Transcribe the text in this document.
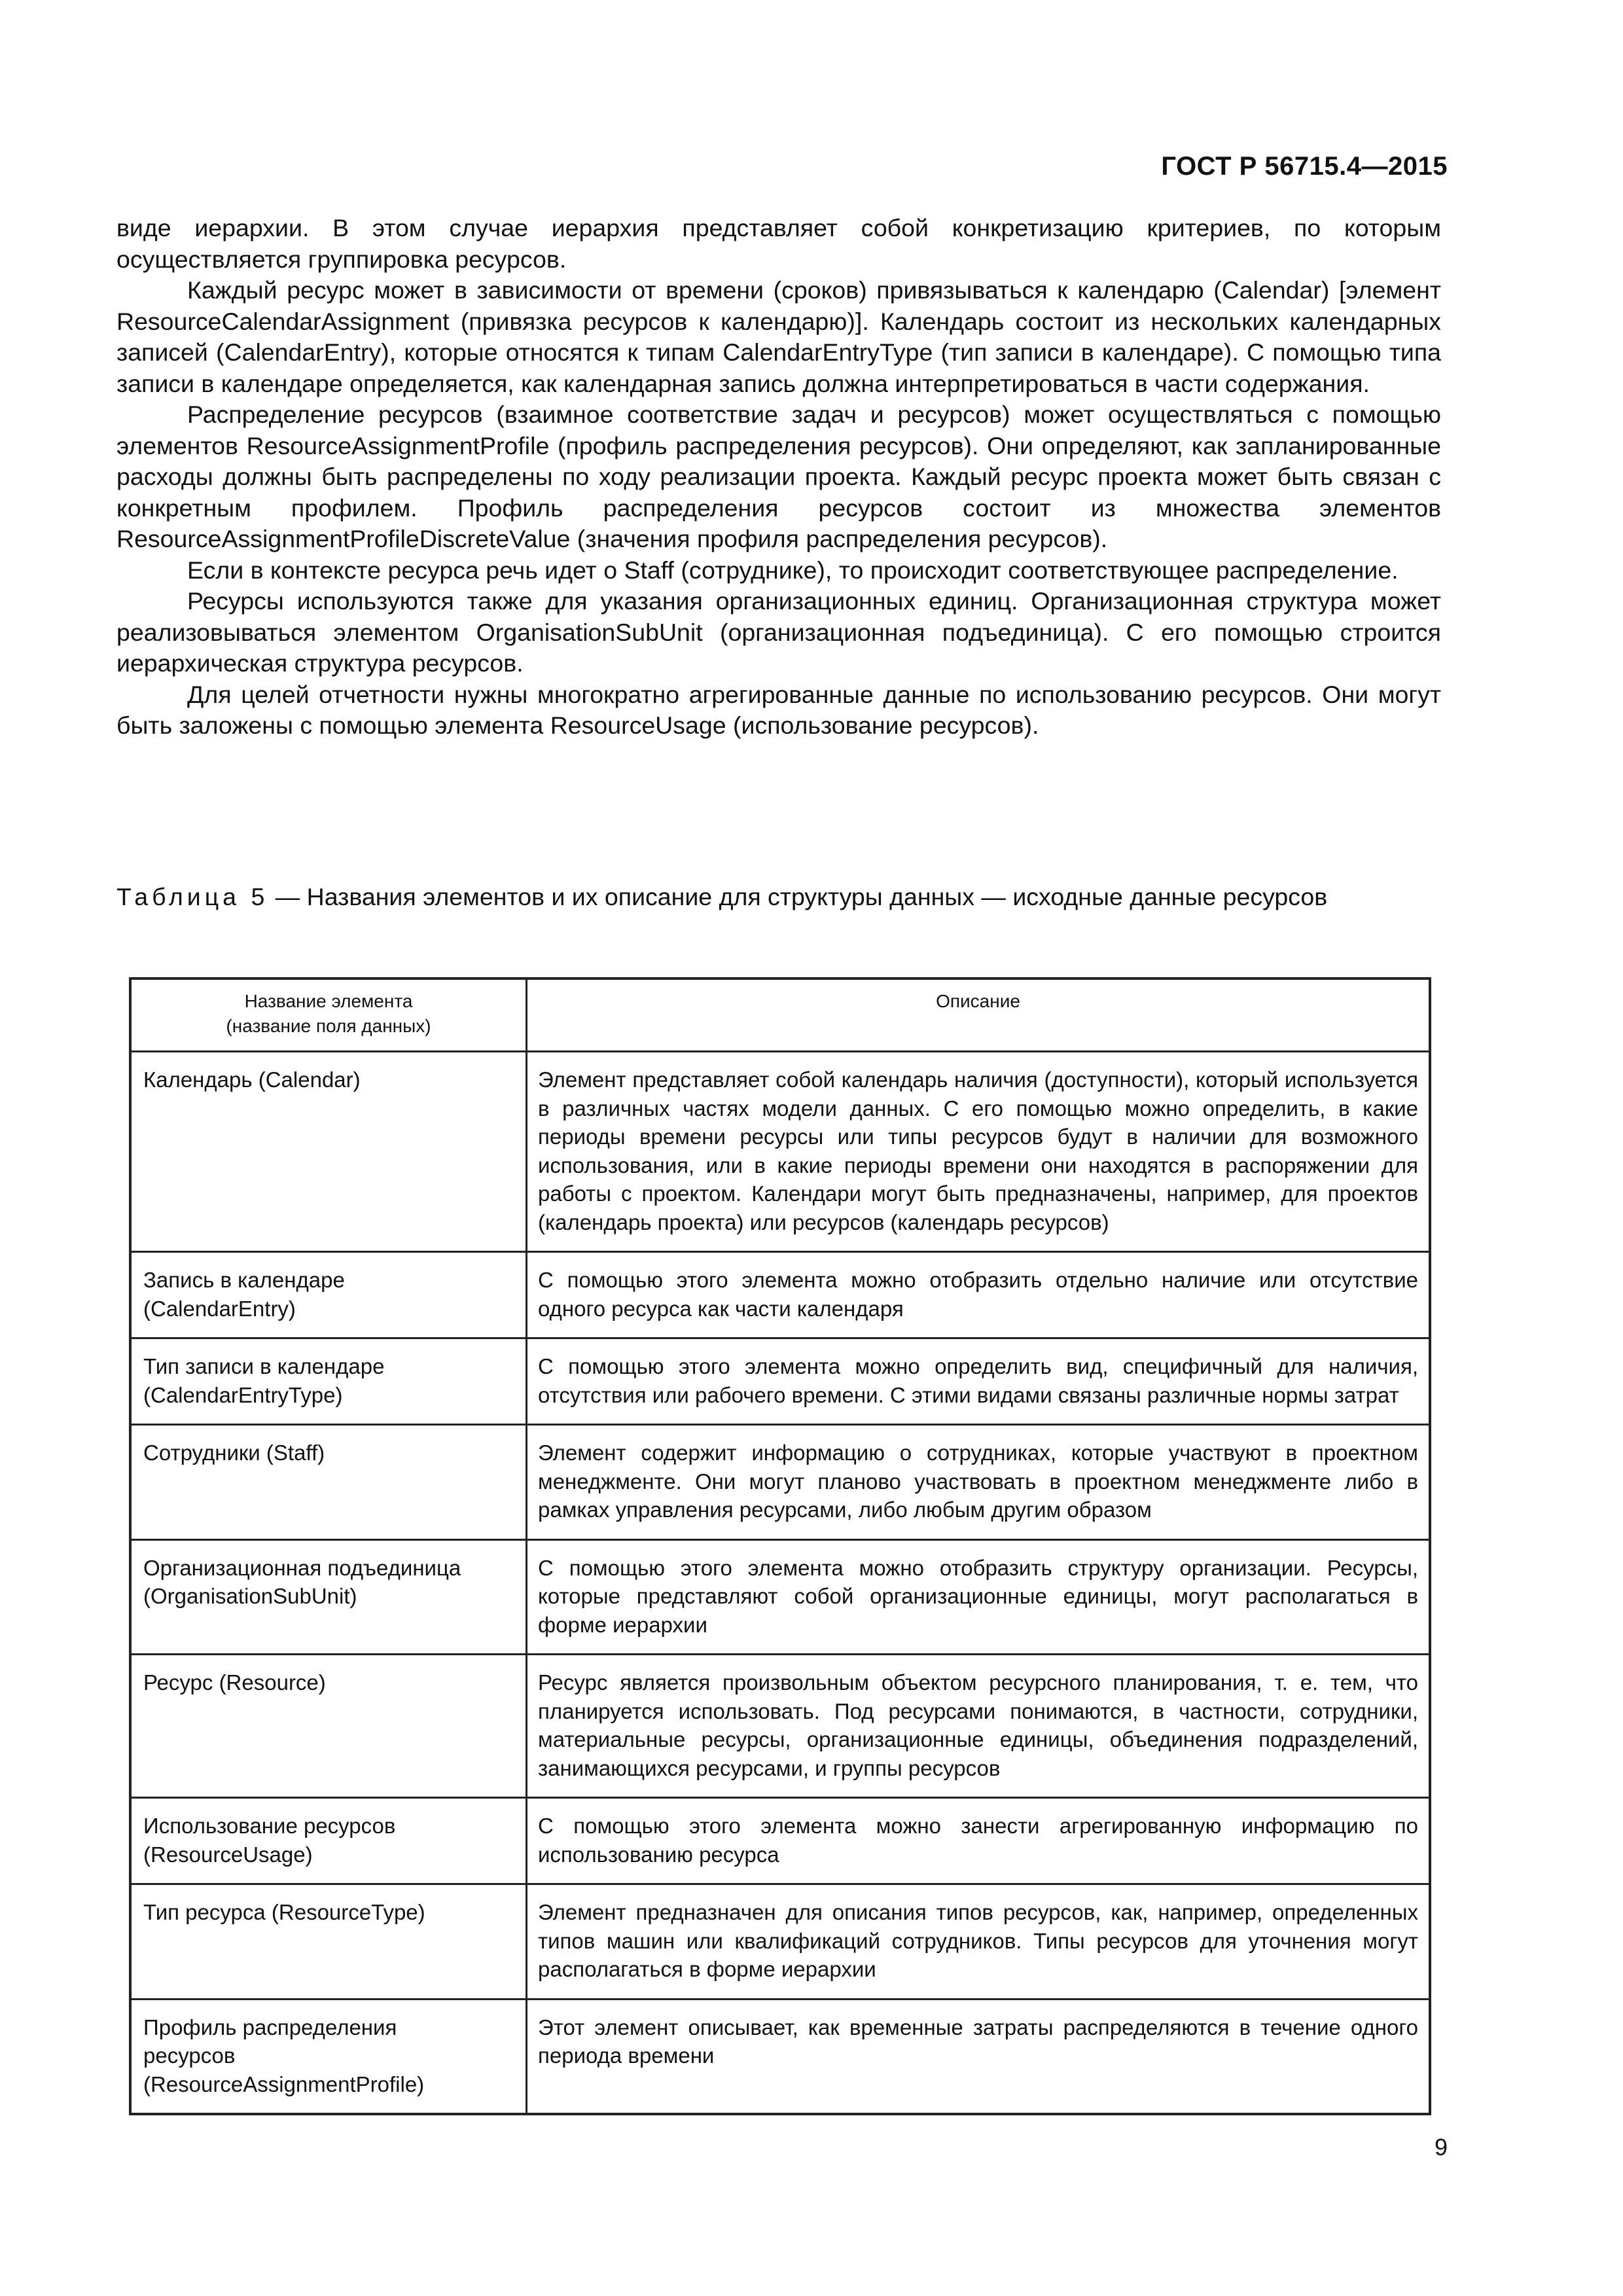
ГОСТ Р 56715.4—2015

виде иерархии. В этом случае иерархия представляет собой конкретизацию критериев, по которым осуществляется группировка ресурсов.

Каждый ресурс может в зависимости от времени (сроков) привязываться к календарю (Calendar) [элемент ResourceCalendarAssignment (привязка ресурсов к календарю)]. Календарь состоит из нескольких календарных записей (CalendarEntry), которые относятся к типам CalendarEntryType (тип записи в календаре). С помощью типа записи в календаре определяется, как календарная запись должна интерпретироваться в части содержания.

Распределение ресурсов (взаимное соответствие задач и ресурсов) может осуществляться с помощью элементов ResourceAssignmentProfile (профиль распределения ресурсов). Они определяют, как запланированные расходы должны быть распределены по ходу реализации проекта. Каждый ресурс проекта может быть связан с конкретным профилем. Профиль распределения ресурсов состоит из множества элементов ResourceAssignmentProfileDiscreteValue (значения профиля распределения ресурсов).

Если в контексте ресурса речь идет о Staff (сотруднике), то происходит соответствующее распределение.

Ресурсы используются также для указания организационных единиц. Организационная структура может реализовываться элементом OrganisationSubUnit (организационная подъединица). С его помощью строится иерархическая структура ресурсов.

Для целей отчетности нужны многократно агрегированные данные по использованию ресурсов. Они могут быть заложены с помощью элемента ResourceUsage (использование ресурсов).

Таблица 5 — Названия элементов и их описание для структуры данных — исходные данные ресурсов
Название элемента
(название поля данных)	Описание
Календарь (Calendar)	Элемент представляет собой календарь наличия (доступности), который используется в различных частях модели данных. С его помощью можно определить, в какие периоды времени ресурсы или типы ресурсов будут в наличии для возможного использования, или в какие периоды времени они находятся в распоряжении для работы с проектом. Календари могут быть предназначены, например, для проектов (календарь проекта) или ресурсов (календарь ресурсов)
Запись в календаре
(CalendarEntry)	С помощью этого элемента можно отобразить отдельно наличие или отсутствие одного ресурса как части календаря
Тип записи в календаре
(CalendarEntryType)	С помощью этого элемента можно определить вид, специфичный для наличия, отсутствия или рабочего времени. С этими видами связаны различные нормы затрат
Сотрудники (Staff)	Элемент содержит информацию о сотрудниках, которые участвуют в проектном менеджменте. Они могут планово участвовать в проектном менеджменте либо в рамках управления ресурсами, либо любым другим образом
Организационная подъединица
(OrganisationSubUnit)	С помощью этого элемента можно отобразить структуру организации. Ресурсы, которые представляют собой организационные единицы, могут располагаться в форме иерархии
Ресурс (Resource)	Ресурс является произвольным объектом ресурсного планирования, т. е. тем, что планируется использовать. Под ресурсами понимаются, в частности, сотрудники, материальные ресурсы, организационные единицы, объединения подразделений, занимающихся ресурсами, и группы ресурсов
Использование ресурсов
(ResourceUsage)	С помощью этого элемента можно занести агрегированную информацию по использованию ресурса
Тип ресурса (ResourceType)	Элемент предназначен для описания типов ресурсов, как, например, определенных типов машин или квалификаций сотрудников. Типы ресурсов для уточнения могут располагаться в форме иерархии
Профиль распределения
ресурсов
(ResourceAssignmentProfile)	Этот элемент описывает, как временные затраты распределяются в течение одного периода времени
9
